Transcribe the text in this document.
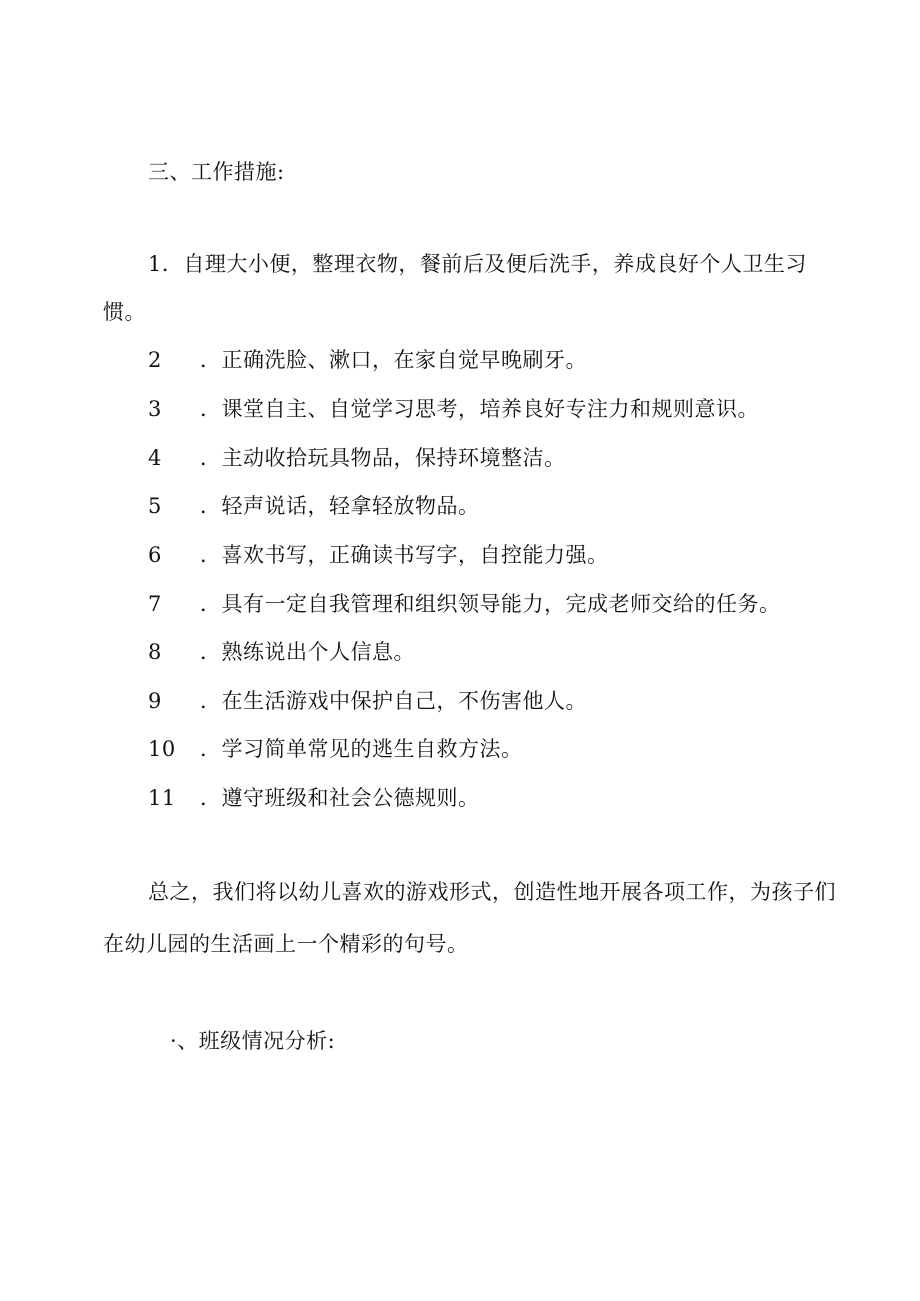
三、工作措施:
1．自理大小便，整理衣物，餐前后及便后洗手，养成良好个人卫生习
惯。
2 ．正确洗脸、漱口，在家自觉早晚刷牙。
3 ．课堂自主、自觉学习思考，培养良好专注力和规则意识。
4 ．主动收拾玩具物品，保持环境整洁。
5 ．轻声说话，轻拿轻放物品。
6 ．喜欢书写，正确读书写字，自控能力强。
7 ．具有一定自我管理和组织领导能力，完成老师交给的任务。
8 ．熟练说出个人信息。
9 ．在生活游戏中保护自己，不伤害他人。
10 ．学习简单常见的逃生自救方法。
11 ．遵守班级和社会公德规则。
总之，我们将以幼儿喜欢的游戏形式，创造性地开展各项工作，为孩子们
在幼儿园的生活画上一个精彩的句号。
·、班级情况分析:
